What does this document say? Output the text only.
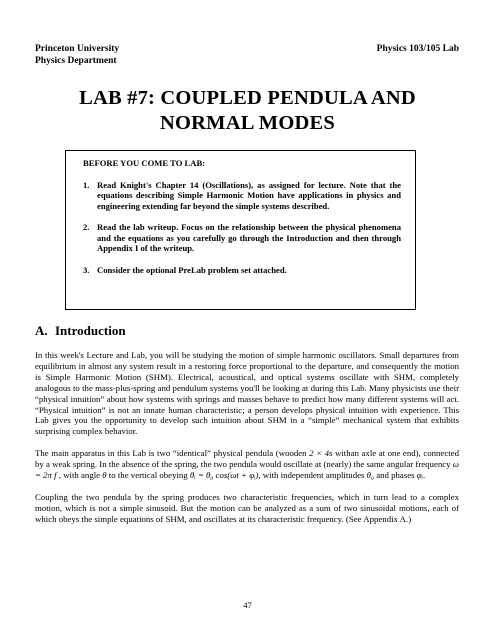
Princeton University
Physics Department
Physics 103/105 Lab
LAB #7: COUPLED PENDULA AND
NORMAL MODES
BEFORE YOU COME TO LAB:
1. Read Knight's Chapter 14 (Oscillations), as assigned for lecture. Note that the equations describing Simple Harmonic Motion have applications in physics and engineering extending far beyond the simple systems described.
2. Read the lab writeup. Focus on the relationship between the physical phenomena and the equations as you carefully go through the Introduction and then through Appendix I of the writeup.
3. Consider the optional PreLab problem set attached.
A. Introduction

In this week's Lecture and Lab, you will be studying the motion of simple harmonic oscillators. Small departures from equilibrium in almost any system result in a restoring force proportional to the departure, and consequently the motion is Simple Harmonic Motion (SHM). Electrical, acoustical, and optical systems oscillate with SHM, completely analogous to the mass-plus-spring and pendulum systems you'll be looking at during this Lab. Many physicists use their “physical intuition” about how systems with springs and masses behave to predict how many different systems will act. “Physical intuition” is not an innate human characteristic; a person develops physical intuition with experience. This Lab gives you the opportunity to develop such intuition about SHM in a “simple” mechanical system that exhibits surprising complex behavior.

The main apparatus in this Lab is two “identical” physical pendula (wooden 2 × 4s withan axle at one end), connected by a weak spring. In the absence of the spring, the two pendula would oscillate at (nearly) the same angular frequency ω = 2π f , with angle θ to the vertical obeying θᵢ = θ₀ cos(ωt + φᵢ), with independent amplitudes θ₀ and phases φᵢ.

Coupling the two pendula by the spring produces two characteristic frequencies, which in turn lead to a complex motion, which is not a simple sinusoid. But the motion can be analyzed as a sum of two sinusoidal motions, each of which obeys the simple equations of SHM, and oscillates at its characteristic frequency. (See Appendix A.)

47
